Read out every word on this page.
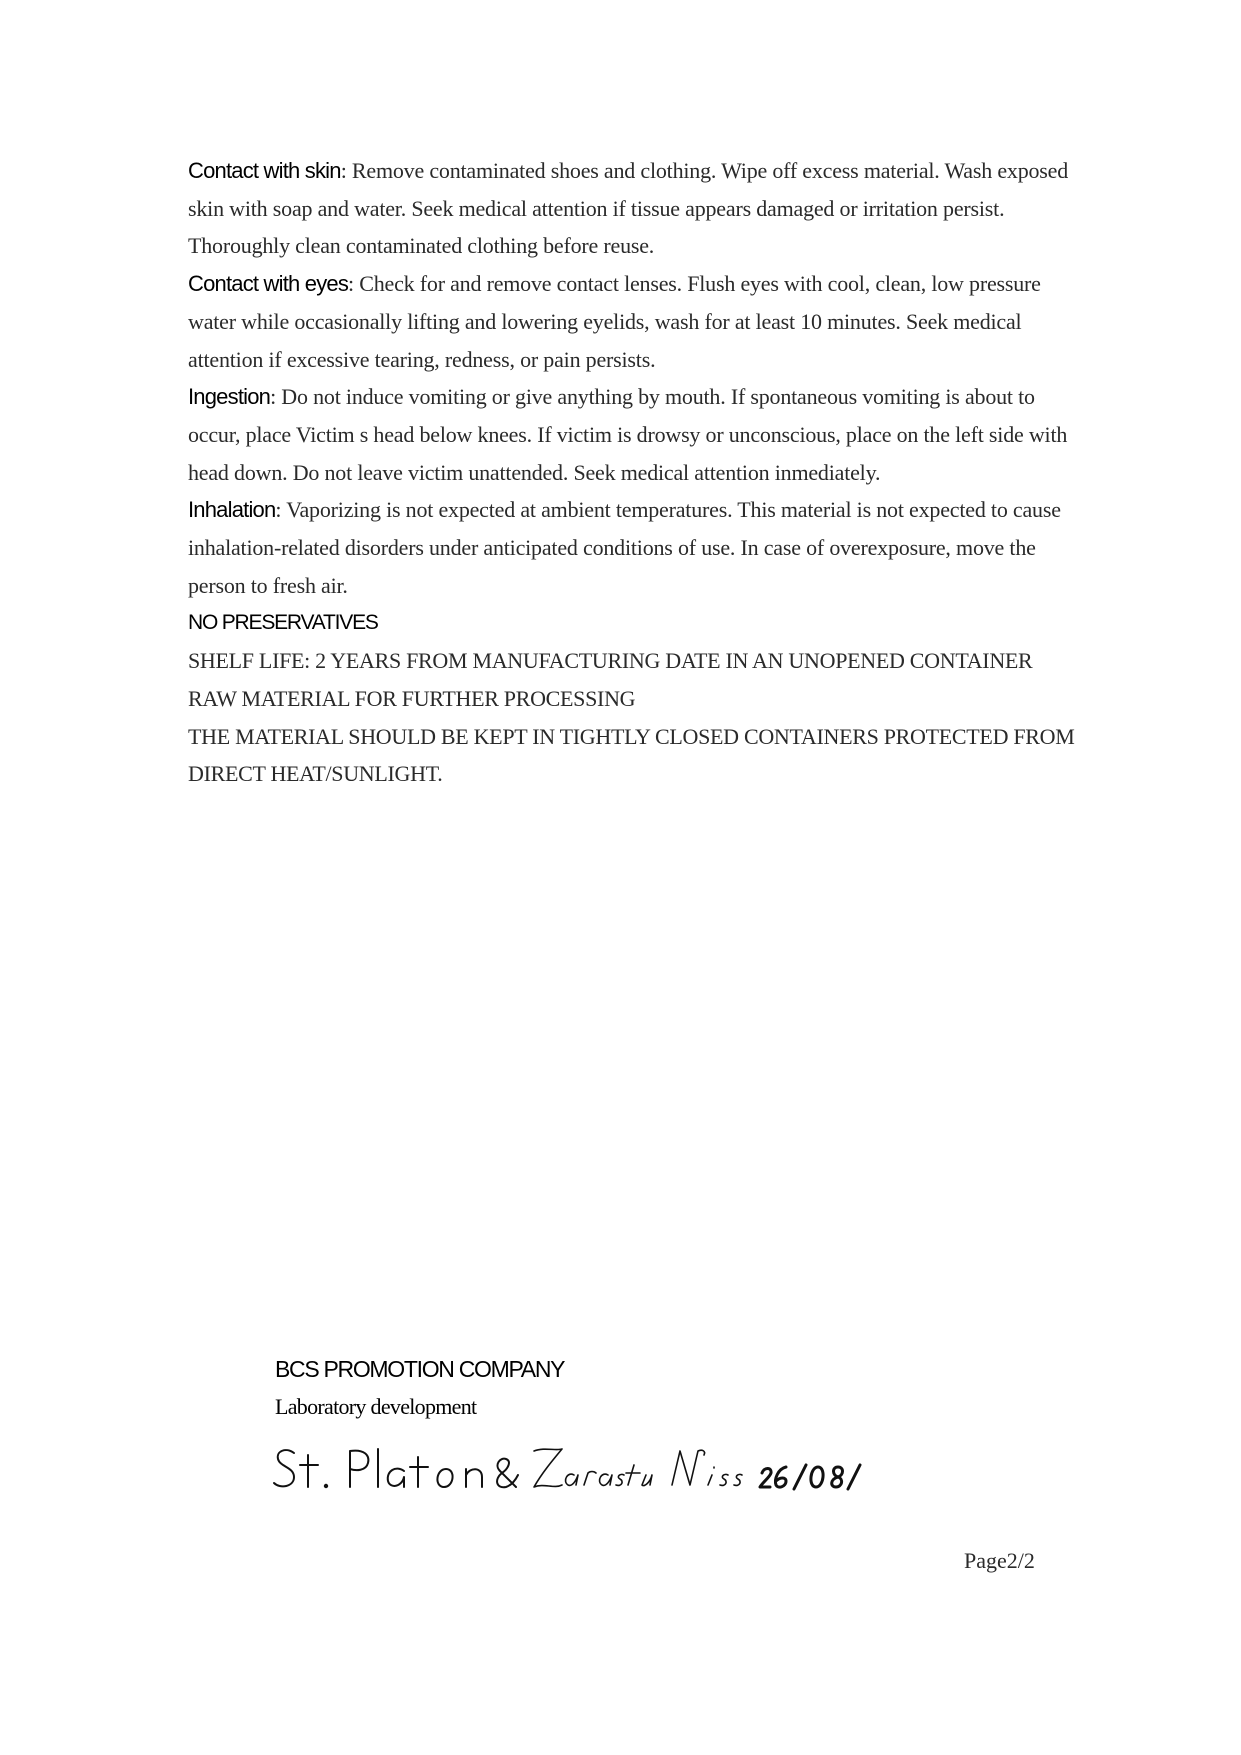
Contact with skin: Remove contaminated shoes and clothing. Wipe off excess material. Wash exposed skin with soap and water. Seek medical attention if tissue appears damaged or irritation persist. Thoroughly clean contaminated clothing before reuse.

Contact with eyes: Check for and remove contact lenses. Flush eyes with cool, clean, low pressure water while occasionally lifting and lowering eyelids, wash for at least 10 minutes. Seek medical attention if excessive tearing, redness, or pain persists.

Ingestion: Do not induce vomiting or give anything by mouth. If spontaneous vomiting is about to occur, place Victim s head below knees. If victim is drowsy or unconscious, place on the left side with head down. Do not leave victim unattended. Seek medical attention inmediately.

Inhalation: Vaporizing is not expected at ambient temperatures. This material is not expected to cause inhalation-related disorders under anticipated conditions of use. In case of overexposure, move the person to fresh air.

NO PRESERVATIVES

SHELF LIFE: 2 YEARS FROM MANUFACTURING DATE IN AN UNOPENED CONTAINER

RAW MATERIAL FOR FURTHER PROCESSING

THE MATERIAL SHOULD BE KEPT IN TIGHTLY CLOSED CONTAINERS PROTECTED FROM DIRECT HEAT/SUNLIGHT.

BCS PROMOTION COMPANY
Laboratory development
Page2/2
